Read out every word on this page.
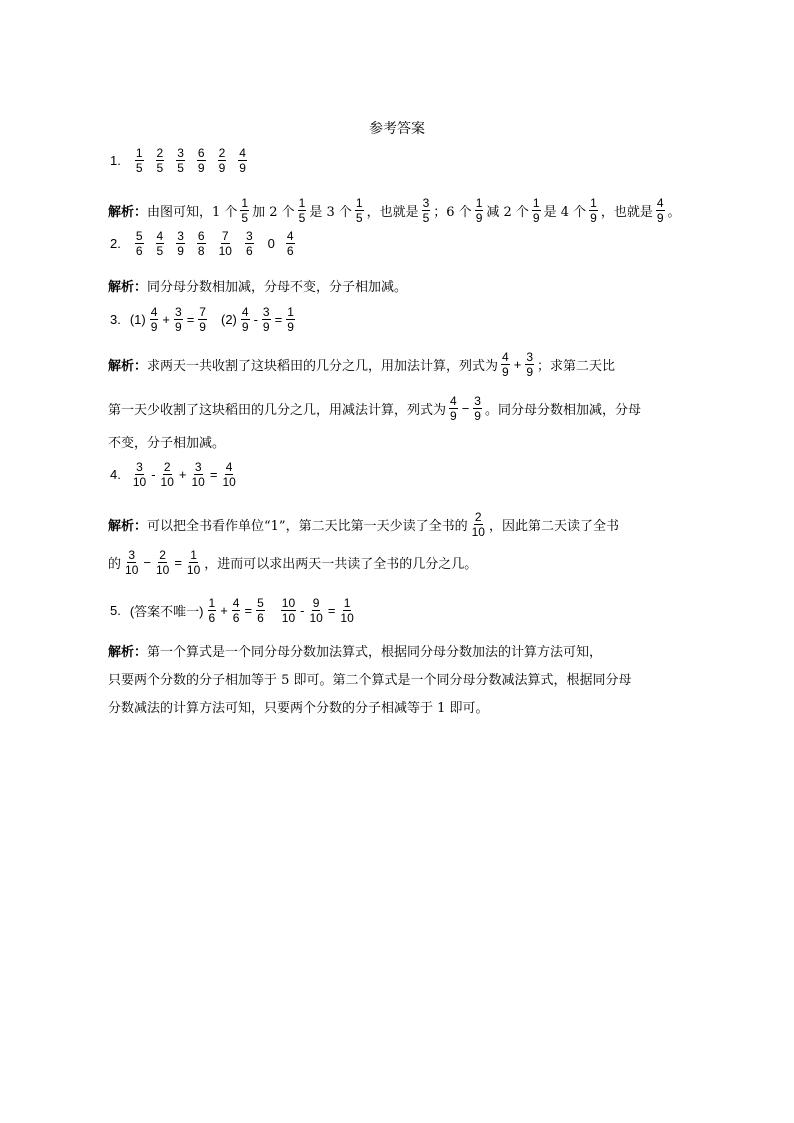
参考答案
1. $\frac{1}{5} \frac{2}{5} \frac{3}{5} \frac{6}{9} \frac{2}{9} \frac{4}{9}$
解析： 由图可知，1 个 $\frac{1}{5}$ 加 2 个 $\frac{1}{5}$ 是 3 个 $\frac{1}{5}$ ，也就是 $\frac{3}{5}$ ；6 个 $\frac{1}{9}$ 减 2 个 $\frac{1}{9}$ 是 4 个 $\frac{1}{9}$ ，也就是 $\frac{4}{9}$ 。
2. $\frac{5}{6} \frac{4}{5} \frac{3}{9} \frac{6}{8} \frac{7}{10} \frac{3}{6} 0 \frac{4}{6}$
解析： 同分母分数相加减，分母不变，分子相加减。
3. $(1) \frac{4}{9} + \frac{3}{9} = \frac{7}{9} (2) \frac{4}{9} - \frac{3}{9} = \frac{1}{9}$
解析： 求两天一共收割了这块稻田的几分之几，用加法计算，列式为 $\frac{4}{9} + \frac{3}{9}$ ；求第二天比
第一天少收割了这块稻田的几分之几，用减法计算，列式为 $\frac{4}{9} - \frac{3}{9}$ 。同分母分数相加减，分母
不变，分子相加减。
4. $\frac{3}{10} - \frac{2}{10} + \frac{3}{10} = \frac{4}{10}$
解析： 可以把全书看作单位“1”，第二天比第一天少读了全书的 $\frac{2}{10}$ ，因此第二天读了全书
的 $\frac{3}{10} - \frac{2}{10} = \frac{1}{10}$ ，进而可以求出两天一共读了全书的几分之几。
5. (答案不唯一) $\frac{1}{6} + \frac{4}{6} = \frac{5}{6} \frac{10}{10} - \frac{9}{10} = \frac{1}{10}$
解析： 第一个算式是一个同分母分数加法算式，根据同分母分数加法的计算方法可知，
只要两个分数的分子相加等于 5 即可。第二个算式是一个同分母分数减法算式，根据同分母
分数减法的计算方法可知，只要两个分数的分子相减等于 1 即可。
